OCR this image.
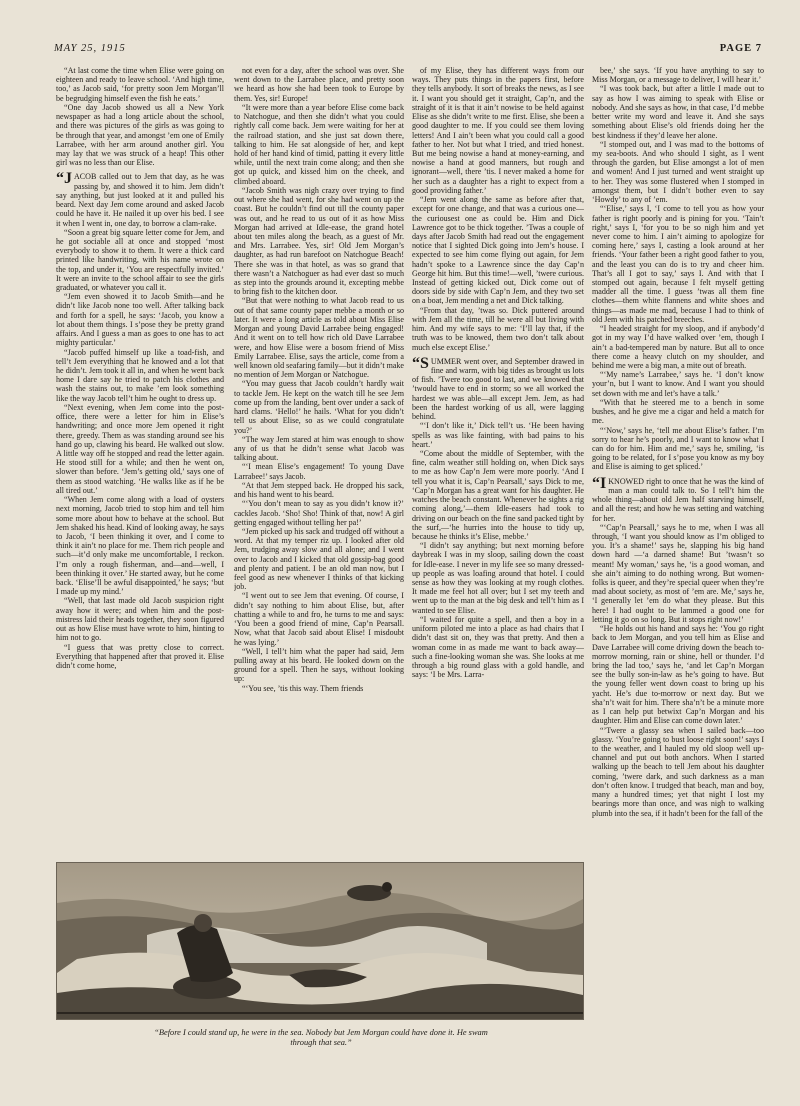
MAY 25, 1915	PAGE 7

“At last come the time when Elise were going on eighteen and ready to leave school. ‘And high time, too,’ as Jacob said, ‘for pretty soon Jem Morgan’ll be begrudging himself even the fish he eats.’

“One day Jacob showed us all a New York newspaper as had a long article about the school, and there was pictures of the girls as was going to be through that year, and amongst ’em one of Emily Larrabee, with her arm around another girl. You may lay that we was struck of a heap! This other girl was no less than our Elise.

“JACOB called out to Jem that day, as he was passing by, and showed it to him. Jem didn’t say anything, but just looked at it and pulled his beard. Next day Jem come around and asked Jacob could he have it. He nailed it up over his bed. I see it when I went in, one day, to borrow a clam-rake.

“Soon a great big square letter come for Jem, and he got sociable all at once and stopped ‘most everybody to show it to them. It were a thick card printed like handwriting, with his name wrote on the top, and under it, ‘You are respectfully invited.’ It were an invite to the school affair to see the girls graduated, or whatever you call it.

“Jem even showed it to Jacob Smith—and he didn’t like Jacob none too well. After talking back and forth for a spell, he says: ‘Jacob, you know a lot about them things. I s’pose they be pretty grand affairs. And I guess a man as goes to one has to act mighty particular.’

“Jacob puffed himself up like a toad-fish, and tell’t Jem everything that he knowed and a lot that he didn’t. Jem took it all in, and when he went back home I dare say he tried to patch his clothes and wash the stains out, to make ’em look something like the way Jacob tell’t him he ought to dress up.

“Next evening, when Jem come into the post-office, there were a letter for him in Elise’s handwriting; and once more Jem opened it right there, greedy. Them as was standing around see his hand go up, clawing his beard. He walked out slow. A little way off he stopped and read the letter again. He stood still for a while; and then he went on, slower than before. ‘Jem’s getting old,’ says one of them as stood watching. ‘He walks like as if he be all tired out.’

“When Jem come along with a load of oysters next morning, Jacob tried to stop him and tell him some more about how to behave at the school. But Jem shaked his head. Kind of looking away, he says to Jacob, ‘I been thinking it over, and I come to think it ain’t no place for me. Them rich people and such—it’d only make me uncomfortable, I reckon. I’m only a rough fisherman, and—and—well, I been thinking it over.’ He started away, but he come back. ‘Elise’ll be awful disappointed,’ he says; ‘but I made up my mind.’

“Well, that last made old Jacob suspicion right away how it were; and when him and the post-mistress laid their heads together, they soon figured out as how Elise must have wrote to him, hinting to him not to go.

“I guess that was pretty close to correct. Everything that happened after that proved it. Elise didn’t come home,

not even for a day, after the school was over. She went down to the Larrabee place, and pretty soon we heard as how she had been took to Europe by them. Yes, sir! Europe!

“It were more than a year before Elise come back to Natchogue, and then she didn’t what you could rightly call come back. Jem were waiting for her at the railroad station, and she just sat down there, talking to him. He sat alongside of her, and kept hold of her hand kind of timid, patting it every little while, until the next train come along; and then she got up quick, and kissed him on the cheek, and climbed aboard.

“Jacob Smith was nigh crazy over trying to find out where she had went, for she had went on up the coast. But he couldn’t find out till the county paper was out, and he read to us out of it as how Miss Morgan had arrived at Idle-ease, the grand hotel about ten miles along the beach, as a guest of Mr. and Mrs. Larrabee. Yes, sir! Old Jem Morgan’s daughter, as had run barefoot on Natchogue Beach! There she was in that hotel, as was so grand that there wasn’t a Natchoguer as had ever dast so much as step into the grounds around it, excepting mebbe to bring fish to the kitchen door.

“But that were nothing to what Jacob read to us out of that same county paper mebbe a month or so later. It were a long article as told about Miss Elise Morgan and young David Larrabee being engaged! And it went on to tell how rich old Dave Larrabee were, and how Elise were a bosom friend of Miss Emily Larrabee. Elise, says the article, come from a well known old seafaring family—but it didn’t make no mention of Jem Morgan or Natchogue.

“You may guess that Jacob couldn’t hardly wait to tackle Jem. He kept on the watch till he see Jem come up from the landing, bent over under a sack of hard clams. ‘Hello!’ he hails. ‘What for you didn’t tell us about Elise, so as we could congratulate you?’

“The way Jem stared at him was enough to show any of us that he didn’t sense what Jacob was talking about.

“‘I mean Elise’s engagement! To young Dave Larrabee!’ says Jacob.

“At that Jem stepped back. He dropped his sack, and his hand went to his beard.

“‘You don’t mean to say as you didn’t know it?’ cackles Jacob. ‘Sho! Sho! Think of that, now! A girl getting engaged without telling her pa!’

“Jem picked up his sack and trudged off without a word. At that my temper riz up. I looked after old Jem, trudging away slow and all alone; and I went over to Jacob and I kicked that old gossip-bag good and plenty and patient. I be an old man now, but I feel good as new whenever I thinks of that kicking job.

“I went out to see Jem that evening. Of course, I didn’t say nothing to him about Elise, but, after chatting a while to and fro, he turns to me and says: ‘You been a good friend of mine, Cap’n Pearsall. Now, what that Jacob said about Elise! I misdoubt he was lying.’

“Well, I tell’t him what the paper had said, Jem pulling away at his beard. He looked down on the ground for a spell. Then he says, without looking up:

“‘You see, ’tis this way. Them friends

of my Elise, they has different ways from our ways. They puts things in the papers first, before they tells anybody. It sort of breaks the news, as I see it. I want you should get it straight, Cap’n, and the straight of it is that it ain’t nowise to be held against Elise as she didn’t write to me first. Elise, she been a good daughter to me. If you could see them loving letters! And I ain’t been what you could call a good father to her. Not but what I tried, and tried honest. But me being nowise a hand at money-earning, and nowise a hand at good manners, but rough and ignorant—well, there ’tis. I never maked a home for her such as a daughter has a right to expect from a good providing father.’

“Jem went along the same as before after that, except for one change, and that was a curious one—the curiousest one as could be. Him and Dick Lawrence got to be thick together. ’Twas a couple of days after Jacob Smith had read out the engagement notice that I sighted Dick going into Jem’s house. I expected to see him come flying out again, for Jem hadn’t spoke to a Lawrence since the day Cap’n George hit him. But this time!—well, ’twere curious. Instead of getting kicked out, Dick come out of doors side by side with Cap’n Jem, and they two set on a boat, Jem mending a net and Dick talking.

“From that day, ’twas so. Dick puttered around with Jem all the time, till he were all but living with him. And my wife says to me: ‘I’ll lay that, if the truth was to be knowed, them two don’t talk about much else except Elise.’

“SUMMER went over, and September drawed in fine and warm, with big tides as brought us lots of fish. ’Twere too good to last, and we knowed that ’twould have to end in storm; so we all worked the hardest we was able—all except Jem. Jem, as had been the hardest working of us all, were lagging behind.

“‘I don’t like it,’ Dick tell’t us. ‘He been having spells as was like fainting, with bad pains to his heart.’

“Come about the middle of September, with the fine, calm weather still holding on, when Dick says to me as how Cap’n Jem were more poorly. ‘And I tell you what it is, Cap’n Pearsall,’ says Dick to me, ‘Cap’n Morgan has a great want for his daughter. He watches the beach constant. Whenever he sights a rig coming along,’—them Idle-easers had took to driving on our beach on the fine sand packed tight by the surf,—‘he hurries into the house to tidy up, because he thinks it’s Elise, mebbe.’

“I didn’t say anything; but next morning before daybreak I was in my sloop, sailing down the coast for Idle-ease. I never in my life see so many dressed-up people as was loafing around that hotel. I could sense as how they was looking at my rough clothes. It made me feel hot all over; but I set my teeth and went up to the man at the big desk and tell’t him as I wanted to see Elise.

“I waited for quite a spell, and then a boy in a uniform piloted me into a place as had chairs that I didn’t dast sit on, they was that pretty. And then a woman come in as made me want to back away—such a fine-looking woman she was. She looks at me through a big round glass with a gold handle, and says: ‘I be Mrs. Larra-

bee,’ she says. ‘If you have anything to say to Miss Morgan, or a message to deliver, I will hear it.’

“I was took back, but after a little I made out to say as how I was aiming to speak with Elise or nobody. And she says as how, in that case, I’d mebbe better write my word and leave it. And she says something about Elise’s old friends doing her the best kindness if they’d leave her alone.

“I stomped out, and I was mad to the bottoms of my sea-boots. And who should I sight, as I went through the garden, but Elise amongst a lot of men and women! And I just turned and went straight up to her. They was some flustered when I stomped in amongst them, but I didn’t bother even to say ‘Howdy’ to any of ’em.

“‘Elise,’ says I, ‘I come to tell you as how your father is right poorly and is pining for you. ‘Tain’t right,’ says I, ‘for you to be so nigh him and yet never come to him. I ain’t aiming to apologize for coming here,’ says I, casting a look around at her friends. ‘Your father been a right good father to you, and the least you can do is to try and cheer him. That’s all I got to say,’ says I. And with that I stomped out again, because I felt myself getting madder all the time. I guess ’twas all them fine clothes—them white flannens and white shoes and things—as made me mad, because I had to think of old Jem with his patched breeches.

“I headed straight for my sloop, and if anybody’d got in my way I’d have walked over ’em, though I ain’t a bad-tempered man by nature. But all to once there come a heavy clutch on my shoulder, and behind me were a big man, a mite out of breath.

“‘My name’s Larrabee,’ says he. ‘I don’t know your’n, but I want to know. And I want you should set down with me and let’s have a talk.’

“With that he steered me to a bench in some bushes, and he give me a cigar and held a match for me.

“‘Now,’ says he, ‘tell me about Elise’s father. I’m sorry to hear he’s poorly, and I want to know what I can do for him. Him and me,’ says he, smiling, ‘is going to be related, for I s’pose you know as my boy and Elise is aiming to get spliced.’

“IKNOWED right to once that he was the kind of man a man could talk to. So I tell’t him the whole thing—about old Jem half starving himself, and all the rest; and how he was setting and watching for her.

“‘Cap’n Pearsall,’ says he to me, when I was all through, ‘I want you should know as I’m obliged to you. It’s a shame!’ says he, slapping his big hand down hard —‘a darned shame! But ’twasn’t so meant! My woman,’ says he, ‘is a good woman, and she ain’t aiming to do nothing wrong. But women-folks is queer, and they’re special queer when they’re mad about society, as most of ’em are. Me,’ says he, ‘I generally let ’em do what they please. But this here! I had ought to be lammed a good one for letting it go on so long. But it stops right now!’

“He holds out his hand and says he: ‘You go right back to Jem Morgan, and you tell him as Elise and Dave Larrabee will come driving down the beach to-morrow morning, rain or shine, hell or thunder. I’d bring the lad too,’ says he, ‘and let Cap’n Morgan see the bully son-in-law as he’s going to have. But the young feller went down coast to bring up his yacht. He’s due to-morrow or next day. But we sha’n’t wait for him. There sha’n’t be a minute more as I can help put betwixt Cap’n Morgan and his daughter. Him and Elise can come down later.’

“’Twere a glassy sea when I sailed back—too glassy. ‘You’re going to bust loose right soon!’ says I to the weather, and I hauled my old sloop well up-channel and put out both anchors. When I started walking up the beach to tell Jem about his daughter coming, ’twere dark, and such darkness as a man don’t often know. I trudged that beach, man and boy, many a hundred times; yet that night I lost my bearings more than once, and was nigh to walking plumb into the sea, if it hadn’t been for the fall of the

“Before I could stand up, he were in the sea. Nobody but Jem Morgan could have done it. He swam through that sea.”
